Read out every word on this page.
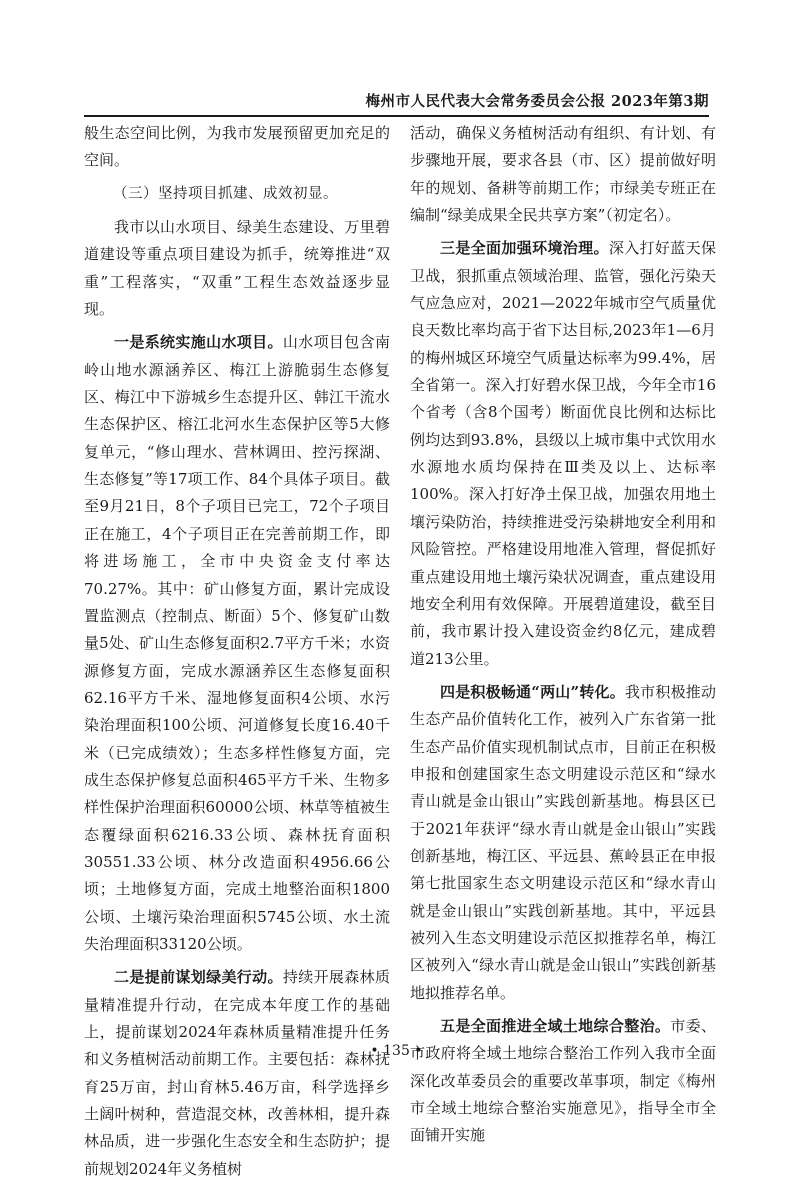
梅州市人民代表大会常务委员会公报 2023年第3期

般生态空间比例，为我市发展预留更加充足的空间。

（三）坚持项目抓建、成效初显。

我市以山水项目、绿美生态建设、万里碧道建设等重点项目建设为抓手，统筹推进“双重”工程落实，“双重”工程生态效益逐步显现。

一是系统实施山水项目。山水项目包含南岭山地水源涵养区、梅江上游脆弱生态修复区、梅江中下游城乡生态提升区、韩江干流水生态保护区、榕江北河水生态保护区等5大修复单元，“修山理水、营林调田、控污探湖、生态修复”等17项工作、84个具体子项目。截至9月21日，8个子项目已完工，72个子项目正在施工，4个子项目正在完善前期工作，即将进场施工，全市中央资金支付率达70.27%。其中：矿山修复方面，累计完成设置监测点（控制点、断面）5个、修复矿山数量5处、矿山生态修复面积2.7平方千米；水资源修复方面，完成水源涵养区生态修复面积62.16平方千米、湿地修复面积4公顷、水污染治理面积100公顷、河道修复长度16.40千米（已完成绩效）；生态多样性修复方面，完成生态保护修复总面积465平方千米、生物多样性保护治理面积60000公顷、林草等植被生态覆绿面积6216.33公顷、森林抚育面积30551.33公顷、林分改造面积4956.66公顷；土地修复方面，完成土地整治面积1800公顷、土壤污染治理面积5745公顷、水土流失治理面积33120公顷。

二是提前谋划绿美行动。持续开展森林质量精准提升行动，在完成本年度工作的基础上，提前谋划2024年森林质量精准提升任务和义务植树活动前期工作。主要包括：森林抚育25万亩，封山育林5.46万亩，科学选择乡土阔叶树种，营造混交林，改善林相，提升森林品质，进一步强化生态安全和生态防护；提前规划2024年义务植树

活动，确保义务植树活动有组织、有计划、有步骤地开展，要求各县（市、区）提前做好明年的规划、备耕等前期工作；市绿美专班正在编制“绿美成果全民共享方案”（初定名）。

三是全面加强环境治理。深入打好蓝天保卫战，狠抓重点领域治理、监管，强化污染天气应急应对，2021—2022年城市空气质量优良天数比率均高于省下达目标,2023年1—6月的梅州城区环境空气质量达标率为99.4%，居全省第一。深入打好碧水保卫战，今年全市16个省考（含8个国考）断面优良比例和达标比例均达到93.8%，县级以上城市集中式饮用水水源地水质均保持在Ⅲ类及以上、达标率100%。深入打好净土保卫战，加强农用地土壤污染防治，持续推进受污染耕地安全利用和风险管控。严格建设用地准入管理，督促抓好重点建设用地土壤污染状况调查，重点建设用地安全利用有效保障。开展碧道建设，截至目前，我市累计投入建设资金约8亿元，建成碧道213公里。

四是积极畅通“两山”转化。我市积极推动生态产品价值转化工作，被列入广东省第一批生态产品价值实现机制试点市，目前正在积极申报和创建国家生态文明建设示范区和“绿水青山就是金山银山”实践创新基地。梅县区已于2021年获评“绿水青山就是金山银山”实践创新基地，梅江区、平远县、蕉岭县正在申报第七批国家生态文明建设示范区和“绿水青山就是金山银山”实践创新基地。其中，平远县被列入生态文明建设示范区拟推荐名单，梅江区被列入“绿水青山就是金山银山”实践创新基地拟推荐名单。

五是全面推进全域土地综合整治。市委、市政府将全域土地综合整治工作列入我市全面深化改革委员会的重要改革事项，制定《梅州市全域土地综合整治实施意见》，指导全市全面铺开实施

• 135 •
